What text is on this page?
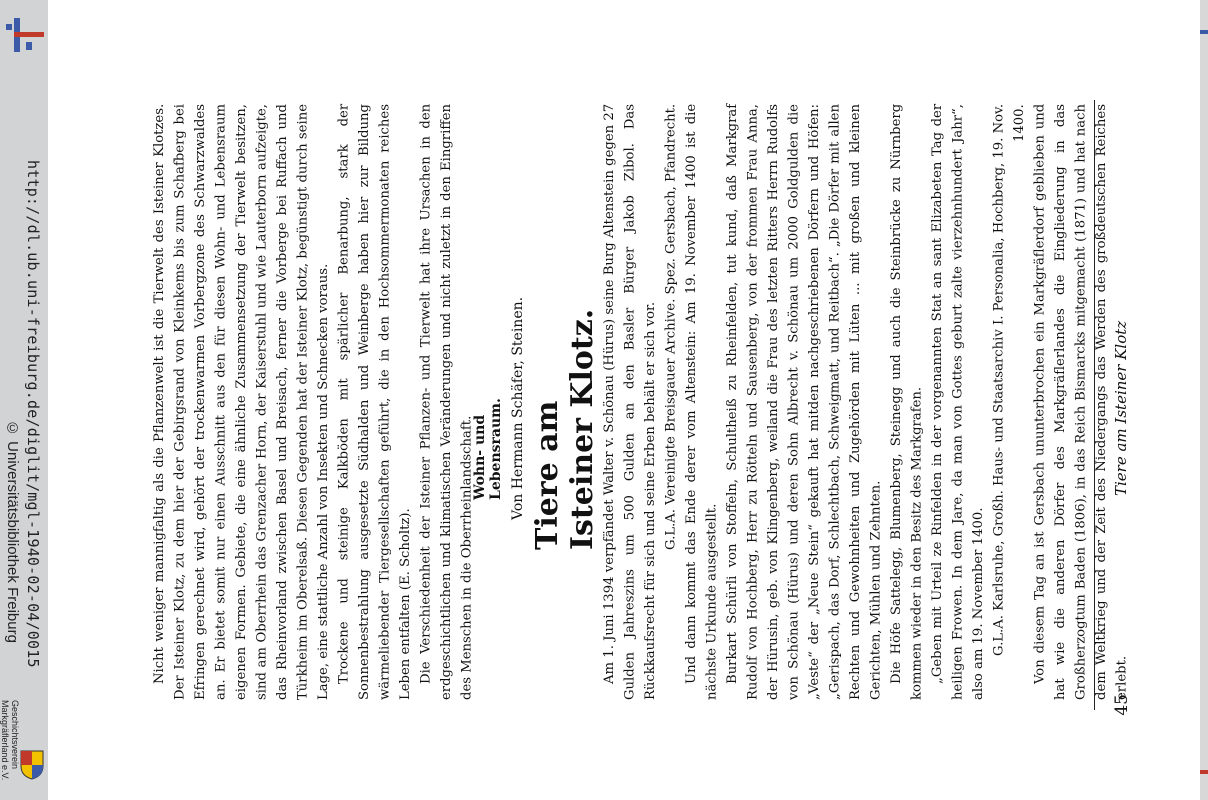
http://dl.ub.uni-freiburg.de/diglit/mgl-1940-02-04/0015
© Universitätsbibliothek Freiburg
Geschichtsverein
Markgräflerland e.V.
Tiere am Isteiner Klotz
45

Am 1. Juni 1394 verpfändet Walter v. Schönau (Hürus) seine Burg Altenstein gegen 27 Gulden Jahreszins um 500 Gulden an den Basler Bürger Jakob Zibol. Das Rückkaufsrecht für sich und seine Erben behält er sich vor. G.L.A. Vereinigte Breisgauer Archive. Spez. Gersbach, Pfandrecht. Und dann kommt das Ende derer vom Altenstein: Am 19. November 1400 ist die nächste Urkunde ausgestellt. Burkart Schürli von Stoffeln, Schultheiß zu Rheinfelden, tut kund, daß Markgraf Rudolf von Hochberg, Herr zu Rötteln und Sausenberg, von der frommen Frau Anna, der Hürusin, geb. von Klingenberg, weiland die Frau des letzten Ritters Herrn Rudolfs von Schönau (Hürus) und deren Sohn Albrecht v. Schönau um 2000 Goldgulden die „Veste“ der „Neue Stein“ gekauft hat mitden nachgeschriebenen Dörfern und Höfen: „Gerispach, das Dorf, Schlechtbach, Schweigmatt, und Reitbach“. „Die Dörfer mit allen Rechten und Gewohnheiten und Zugehörden mit Lüten ... mit großen und kleinen Gerichten, Mühlen und Zehnten. Die Höfe Sattelegg, Blumenberg, Steinegg und auch die Steinbrücke zu Nürnberg kommen wieder in den Besitz des Markgrafen. „Geben mit Urteil ze Rinfelden in der vorgenannten Stat an sant Elizabeten Tag der heiligen Frowen. In dem Jare, da man von Gottes geburt zalte vierzehnhundert Jahr“, also am 19. November 1400. G.L.A. Karlsruhe, Großh. Haus- und Staatsarchiv I. Personalia, Hochberg, 19. Nov. 1400. Von diesem Tag an ist Gersbach ununterbrochen ein Markgräflerdorf geblieben und hat wie die anderen Dörfer des Markgräflerlandes die Eingliederung in das Großherzogtum Baden (1806), in das Reich Bismarcks mitgemacht (1871) und hat nach dem Weltkrieg und der Zeit des Niedergangs das Werden des großdeutschen Reiches erlebt.

Tiere am Isteiner Klotz.
Von Hermann Schäfer, Steinen.
Wohn- und Lebensraum.

Nicht weniger mannigfaltig als die Pflanzenwelt ist die Tierwelt des Isteiner Klotzes. Der Isteiner Klotz, zu dem hier der Gebirgsrand von Kleinkems bis zum Schafberg bei Efringen gerechnet wird, gehört der trockenwarmen Vorbergzone des Schwarzwaldes an. Er bietet somit nur einen Ausschnitt aus den für diesen Wohn- und Lebensraum eigenen Formen. Gebiete, die eine ähnliche Zusammensetzung der Tierwelt besitzen, sind am Oberrhein das Grenzacher Horn, der Kaiserstuhl und wie Lauterborn aufzeigte, das Rheinvorland zwischen Basel und Breisach, ferner die Vorberge bei Ruffach und Türkheim im Oberelsaß. Diesen Gegenden hat der Isteiner Klotz, begünstigt durch seine Lage, eine stattliche Anzahl von Insekten und Schnecken voraus. Trockene und steinige Kalkböden mit spärlicher Benarbung, stark der Sonnenbestrahlung ausgesetzte Südhalden und Weinberge haben hier zur Bildung wärmeliebender Tiergesellschaften geführt, die in den Hochsommermonaten reiches Leben entfalten (E. Scholtz). Die Verschiedenheit der Isteiner Pflanzen- und Tierwelt hat ihre Ursachen in den erdgeschichtlichen und klimatischen Veränderungen und nicht zuletzt in den Eingriffen des Menschen in die Oberrheinlandschaft.
